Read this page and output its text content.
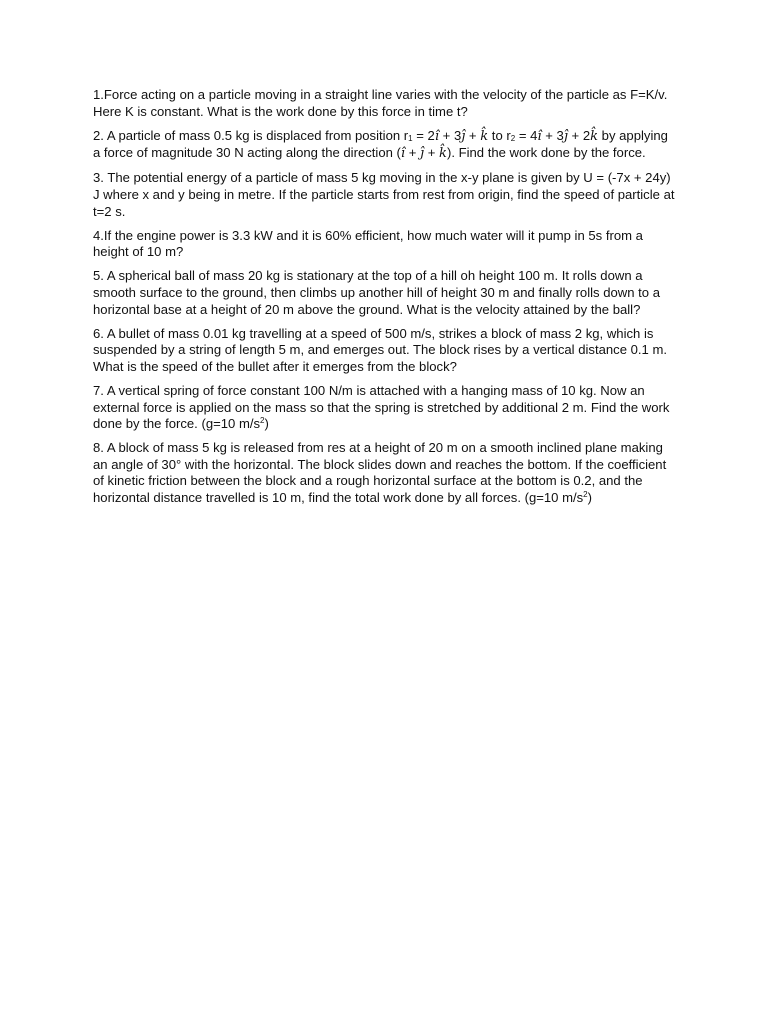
1.Force acting on a particle moving in a straight line varies with the velocity of the particle as F=K/v. Here K is constant. What is the work done by this force in time t?

2. A particle of mass 0.5 kg is displaced from position $r_1$ = 2î + 3ĵ + k̂ to $r_2$ = 4î + 3ĵ + 2k̂ by applying a force of magnitude 30 N acting along the direction (î + ĵ + k̂). Find the work done by the force.

3. The potential energy of a particle of mass 5 kg moving in the x-y plane is given by U = (-7x + 24y) J where x and y being in metre. If the particle starts from rest from origin, find the speed of particle at t=2 s.

4.If the engine power is 3.3 kW and it is 60% efficient, how much water will it pump in 5s from a height of 10 m?

5. A spherical ball of mass 20 kg is stationary at the top of a hill oh height 100 m. It rolls down a smooth surface to the ground, then climbs up another hill of height 30 m and finally rolls down to a horizontal base at a height of 20 m above the ground. What is the velocity attained by the ball?

6. A bullet of mass 0.01 kg travelling at a speed of 500 m/s, strikes a block of mass 2 kg, which is suspended by a string of length 5 m, and emerges out. The block rises by a vertical distance 0.1 m. What is the speed of the bullet after it emerges from the block?

7. A vertical spring of force constant 100 N/m is attached with a hanging mass of 10 kg. Now an external force is applied on the mass so that the spring is stretched by additional 2 m. Find the work done by the force. (g=10 $m/s^2$)

8. A block of mass 5 kg is released from res at a height of 20 m on a smooth inclined plane making an angle of 30° with the horizontal. The block slides down and reaches the bottom. If the coefficient of kinetic friction between the block and a rough horizontal surface at the bottom is 0.2, and the horizontal distance travelled is 10 m, find the total work done by all forces. (g=10 $m/s^2$)
